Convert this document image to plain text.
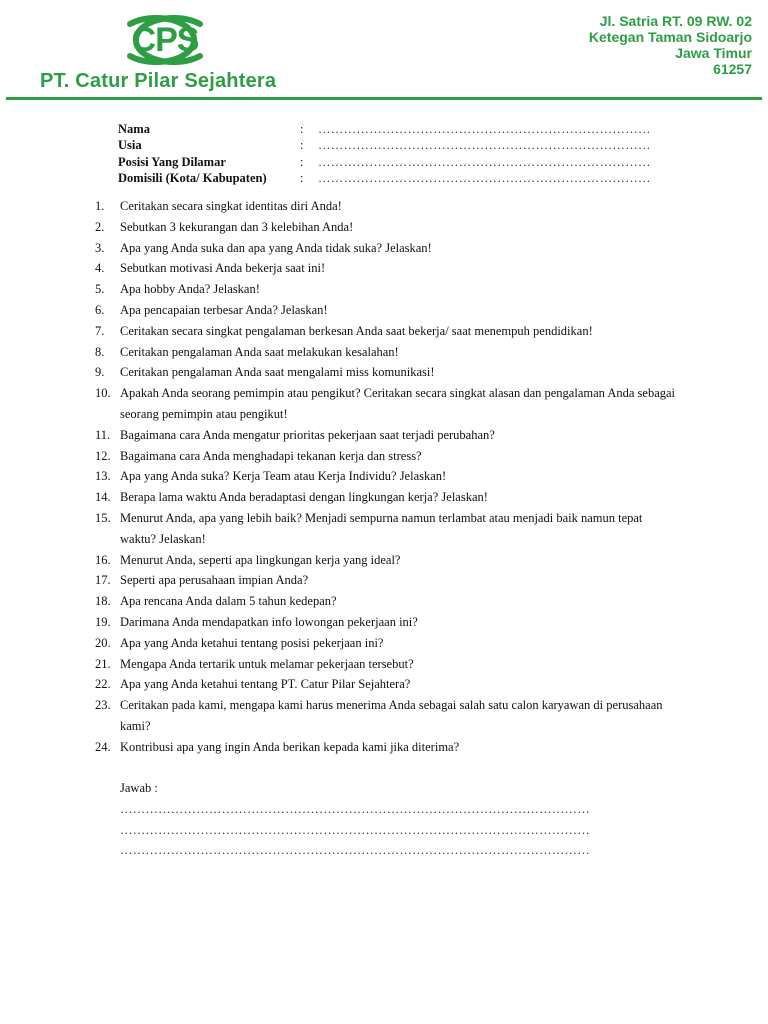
CPS
PT. Catur Pilar Sejahtera
Jl. Satria RT. 09 RW. 02
Ketegan Taman Sidoarjo
Jawa Timur
61257
Nama	:	……………………………………………………………………
Usia	:	……………………………………………………………………
Posisi Yang Dilamar	:	……………………………………………………………………
Domisili (Kota/ Kabupaten)	:	……………………………………………………………………
1.	Ceritakan secara singkat identitas diri Anda!
2.	Sebutkan 3 kekurangan dan 3 kelebihan Anda!
3.	Apa yang Anda suka dan apa yang Anda tidak suka? Jelaskan!
4.	Sebutkan motivasi Anda bekerja saat ini!
5.	Apa hobby Anda? Jelaskan!
6.	Apa pencapaian terbesar Anda? Jelaskan!
7.	Ceritakan secara singkat pengalaman berkesan Anda saat bekerja/ saat menempuh pendidikan!
8.	Ceritakan pengalaman Anda saat melakukan kesalahan!
9.	Ceritakan pengalaman Anda saat mengalami miss komunikasi!
10. Apakah Anda seorang pemimpin atau pengikut? Ceritakan secara singkat alasan dan pengalaman Anda sebagai seorang pemimpin atau pengikut!
11. Bagaimana cara Anda mengatur prioritas pekerjaan saat terjadi perubahan?
12. Bagaimana cara Anda menghadapi tekanan kerja dan stress?
13. Apa yang Anda suka? Kerja Team atau Kerja Individu? Jelaskan!
14. Berapa lama waktu Anda beradaptasi dengan lingkungan kerja? Jelaskan!
15. Menurut Anda, apa yang lebih baik? Menjadi sempurna namun terlambat atau menjadi baik namun tepat waktu? Jelaskan!
16. Menurut Anda, seperti apa lingkungan kerja yang ideal?
17. Seperti apa perusahaan impian Anda?
18. Apa rencana Anda dalam 5 tahun kedepan?
19. Darimana Anda mendapatkan info lowongan pekerjaan ini?
20. Apa yang Anda ketahui tentang posisi pekerjaan ini?
21. Mengapa Anda tertarik untuk melamar pekerjaan tersebut?
22. Apa yang Anda ketahui tentang PT. Catur Pilar Sejahtera?
23. Ceritakan pada kami, mengapa kami harus menerima Anda sebagai salah satu calon karyawan di perusahaan kami?
24. Kontribusi apa yang ingin Anda berikan kepada kami jika diterima?
Jawab :
…………………………………………………………………………………………………
…………………………………………………………………………………………………
…………………………………………………………………………………………………
